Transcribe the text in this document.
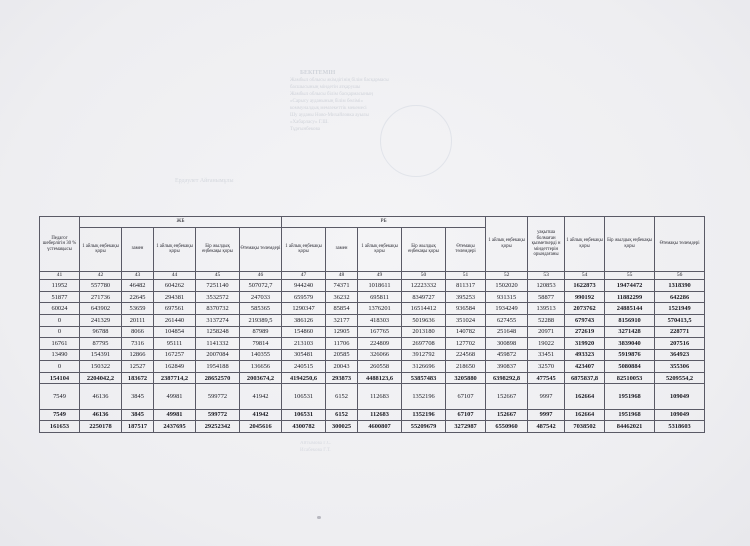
БЕКІТЕМІН
Жамбыл облысы әкімдігінің білім басқармасы
басшысының міндетін атқарушы
Жамбыл облысы білім басқармасының
«Сарысу ауданының білім бөлімі»
коммуналдық мемлекеттік мекемесі
Шу ауданы Ново-Михайловка ауылы
«Хабарласу» Г.Ш.
Тұрғынбекова
Ердәулет Айғанымұлы
Айтымова Г.С.
Исабекова Г.Т.
Педагог шеберлігін 30 % үстемақысы	ЖБ					РБ					1 айлық еңбекақы қоры	уақытша болмаған қызметкерді н міндеттерін орындағаны	1 айлық еңбекақы қоры	Бір жылдық еңбекақы қоры	Өтемақы төлемдері
	1 айлық еңбекақы қоры	замен	1 айлық еңбекақы қоры	Бір жылдық еңбекақы қоры	Өтемақы төлемдері	1 айлық еңбекақы қоры	замен	1 айлық еңбекақы қоры	Бір жылдық еңбекақы қоры	Өтемақы төлемдері					
41	42	43	44	45	46	47	48	49	50	51	52	53	54	55	56
11952	557780	46482	604262	7251140	507072,7	944240	74371	1018611	12223332	811317	1502020	120853	1622873	19474472	1318390
51877	271736	22645	294381	3532572	247033	659579	36232	695811	8349727	395253	931315	58877	990192	11882299	642286
60024	643902	53659	697561	8370732	585365	1290347	85854	1376201	16514412	936584	1934249	139513	2073762	24885144	1521949
0	241329	20111	261440	3137274	219389,5	386126	32177	418303	5019636	351024	627455	52288	679743	8156910	570413,5
0	96788	8066	104854	1258248	87989	154860	12905	167765	2013180	140782	251648	20971	272619	3271428	228771
16761	87795	7316	95111	1141332	79814	213103	11706	224809	2697708	127702	300898	19022	319920	3839040	207516
13490	154391	12866	167257	2007084	140355	305481	20585	326066	3912792	224568	459872	33451	493323	5919876	364923
0	150322	12527	162849	1954188	136656	240515	20043	260558	3126696	218650	390837	32570	423407	5080884	355306
154104	2204042,2	183672	2387714,2	28652570	2003674,2	4194250,6	293873	4488123,6	53857483	3205880	6398292,8	477545	6875837,8	82510053	5209554,2
7549	46136	3845	49981	599772	41942	106531	6152	112683	1352196	67107	152667	9997	162664	1951968	109049
7549	46136	3845	49981	599772	41942	106531	6152	112683	1352196	67107	152667	9997	162664	1951968	109049
161653	2250178	187517	2437695	29252342	2045616	4300782	300025	4600807	55209679	3272987	6550960	487542	7038502	84462021	5318603
